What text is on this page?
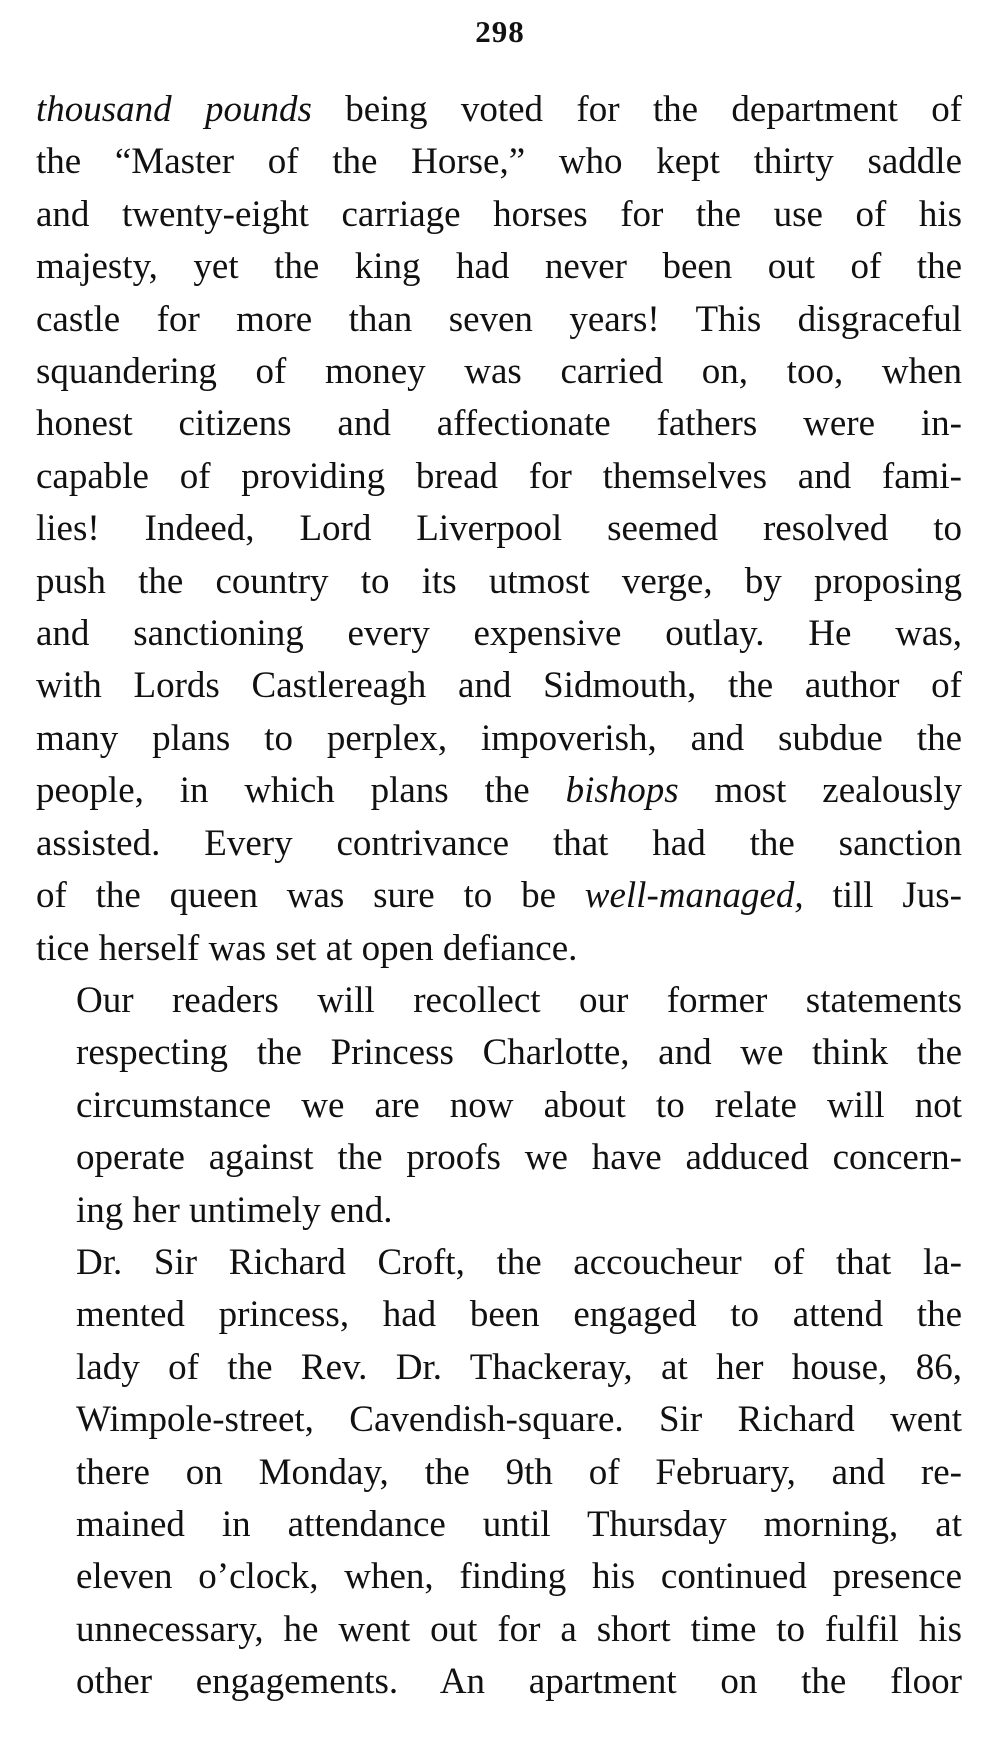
298

thousand pounds being voted for the department of
the “Master of the Horse,” who kept thirty saddle
and twenty-eight carriage horses for the use of his
majesty, yet the king had never been out of the
castle for more than seven years! This disgraceful
squandering of money was carried on, too, when
honest citizens and affectionate fathers were in-
capable of providing bread for themselves and fami-
lies! Indeed, Lord Liverpool seemed resolved to
push the country to its utmost verge, by proposing
and sanctioning every expensive outlay. He was,
with Lords Castlereagh and Sidmouth, the author of
many plans to perplex, impoverish, and subdue the
people, in which plans the bishops most zealously
assisted. Every contrivance that had the sanction
of the queen was sure to be well-managed, till Jus-
tice herself was set at open defiance.

Our readers will recollect our former statements
respecting the Princess Charlotte, and we think the
circumstance we are now about to relate will not
operate against the proofs we have adduced concern-
ing her untimely end.

Dr. Sir Richard Croft, the accoucheur of that la-
mented princess, had been engaged to attend the
lady of the Rev. Dr. Thackeray, at her house, 86,
Wimpole-street, Cavendish-square. Sir Richard went
there on Monday, the 9th of February, and re-
mained in attendance until Thursday morning, at
eleven o’clock, when, finding his continued presence
unnecessary, he went out for a short time to fulfil his
other engagements. An apartment on the floor
